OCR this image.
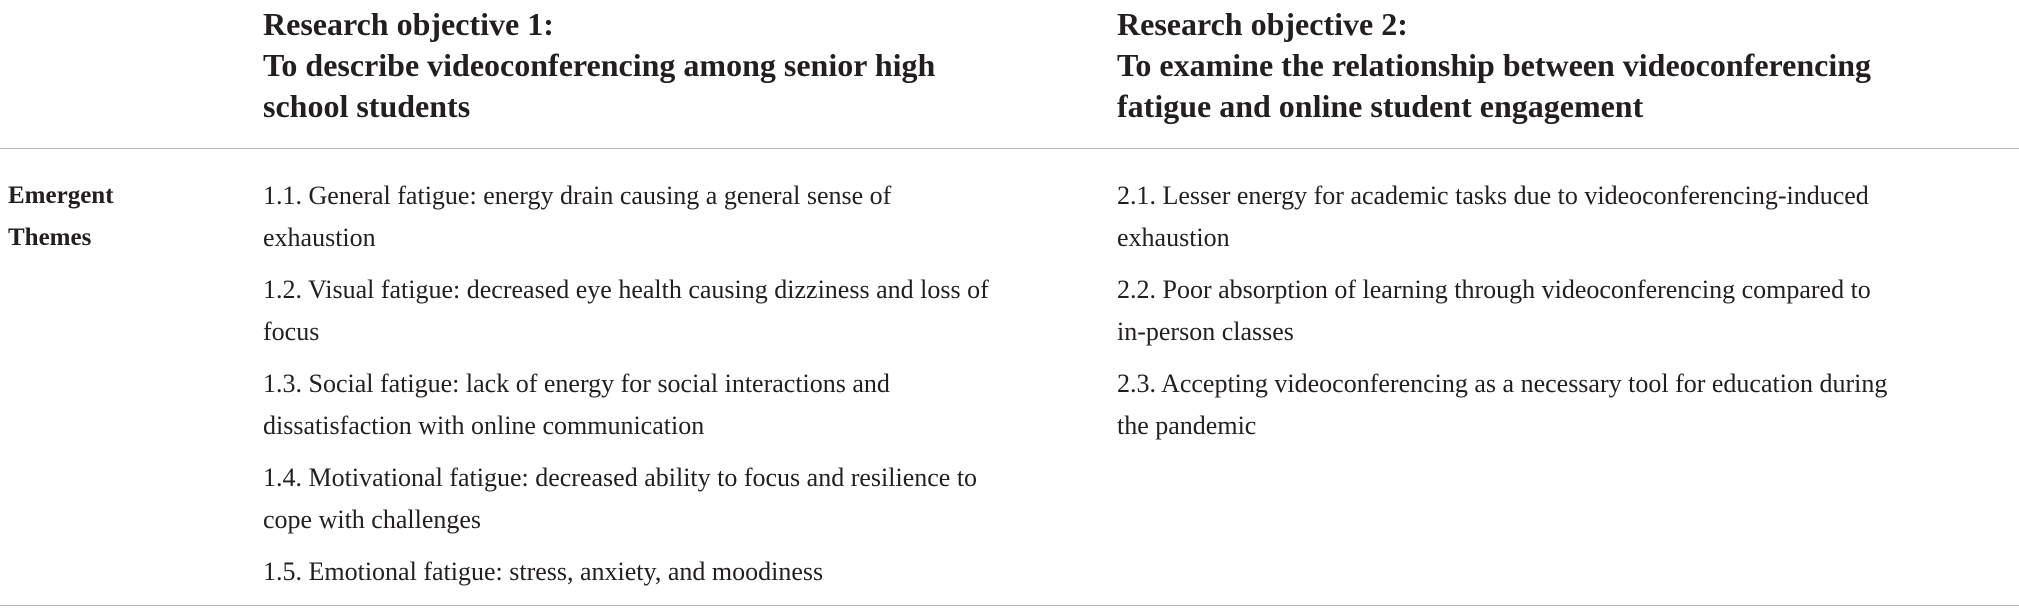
Research objective 1:
To describe videoconferencing among senior high
school students
Research objective 2:
To examine the relationship between videoconferencing
fatigue and online student engagement
Emergent
Themes
1.1. General fatigue: energy drain causing a general sense of
exhaustion
1.2. Visual fatigue: decreased eye health causing dizziness and loss of
focus
1.3. Social fatigue: lack of energy for social interactions and
dissatisfaction with online communication
1.4. Motivational fatigue: decreased ability to focus and resilience to
cope with challenges
1.5. Emotional fatigue: stress, anxiety, and moodiness
2.1. Lesser energy for academic tasks due to videoconferencing-induced
exhaustion
2.2. Poor absorption of learning through videoconferencing compared to
in-person classes
2.3. Accepting videoconferencing as a necessary tool for education during
the pandemic
